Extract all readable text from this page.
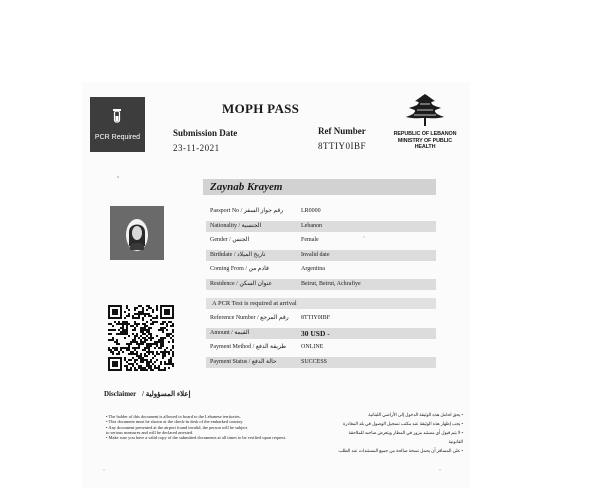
PCR Required
MOPH PASS
Submission Date
23-11-2021
Ref Number
8TTIY0IBF
REPUBLIC OF LEBANON
MINISTRY OF PUBLIC HEALTH
Zaynab Krayem
Passport No / رقم جواز السفر	LR0000
Nationality / الجنسية	Lebanon
Gender / الجنس	Female
Birthdate / تاريخ الميلاد	Invalid date
Coming From / قادم من	Argentina
Residence / عنوان السكن	Beirut, Beirut, Achrafiye
A PCR Test is required at arrival
Reference Number / رقم المرجع 8TTIY0IBF
Amount / القيمة	30 USD -
Payment Method / طريقة الدفع ONLINE
Payment Status / حالة الدفع	SUCCESS
Disclaimer / إعلاء المسؤولية
• The holder of this document is allowed to board to the Lebanese territories.
• This document must be shown at the check-in desk of the embarked country.
• Any document presented at the airport found invalid, the person will be subject
to serious measures and will be declared arrested.
• Make sure you have a valid copy of the submitted documents at all times to be verified upon request.
• يحق لحامل هذه الوثيقة الدخول إلى الأراضي اللبنانية
• يجب إظهار هذه الوثيقة عند مكتب تسجيل الوصول في بلد المغادرة
• لا يتم قبول أي مستند مزور في المطار ويتعرض صاحبه للملاحقة القانونية
• على المسافر أن يحمل نسخة صالحة من جميع المستندات عند الطلب
